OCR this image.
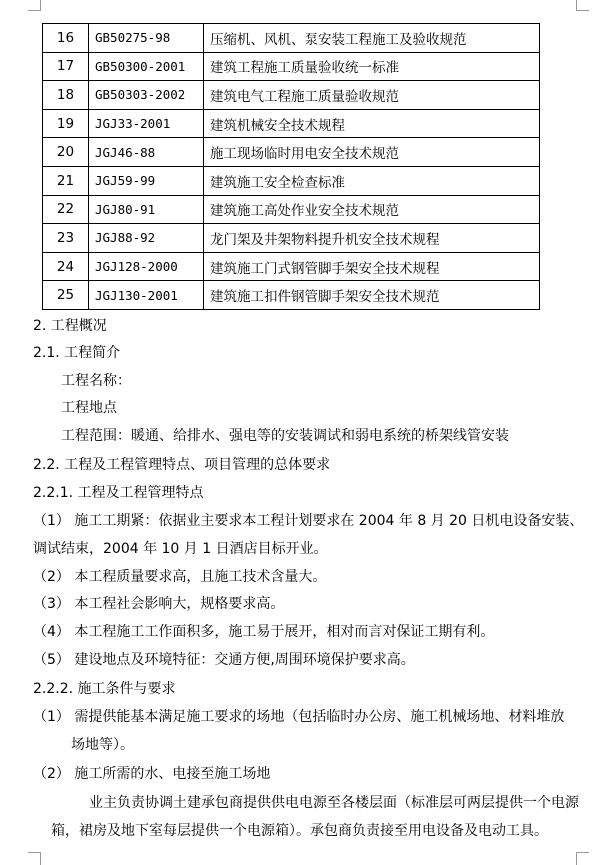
16	GB50275-98	压缩机、风机、泵安装工程施工及验收规范
17	GB50300-2001	建筑工程施工质量验收统一标准
18	GB50303-2002	建筑电气工程施工质量验收规范
19	JGJ33-2001	建筑机械安全技术规程
20	JGJ46-88	施工现场临时用电安全技术规范
21	JGJ59-99	建筑施工安全检查标准
22	JGJ80-91	建筑施工高处作业安全技术规范
23	JGJ88-92	龙门架及井架物料提升机安全技术规程
24	JGJ128-2000	建筑施工门式钢管脚手架安全技术规程
25	JGJ130-2001	建筑施工扣件钢管脚手架安全技术规范
2. 工程概况
2.1. 工程简介
工程名称：
工程地点
工程范围：暖通、给排水、强电等的安装调试和弱电系统的桥架线管安装
2.2. 工程及工程管理特点、项目管理的总体要求
2.2.1. 工程及工程管理特点
（1） 施工工期紧：依据业主要求本工程计划要求在 2004 年 8 月 20 日机电设备安装、
调试结束，2004 年 10 月 1 日酒店目标开业。
（2） 本工程质量要求高，且施工技术含量大。
（3） 本工程社会影响大，规格要求高。
（4） 本工程施工工作面积多，施工易于展开，相对而言对保证工期有利。
（5） 建设地点及环境特征：交通方便,周围环境保护要求高。
2.2.2. 施工条件与要求
（1） 需提供能基本满足施工要求的场地（包括临时办公房、施工机械场地、材料堆放
场地等）。
（2） 施工所需的水、电接至施工场地
业主负责协调土建承包商提供供电电源至各楼层面（标准层可两层提供一个电源
箱，裙房及地下室每层提供一个电源箱）。承包商负责接至用电设备及电动工具。
